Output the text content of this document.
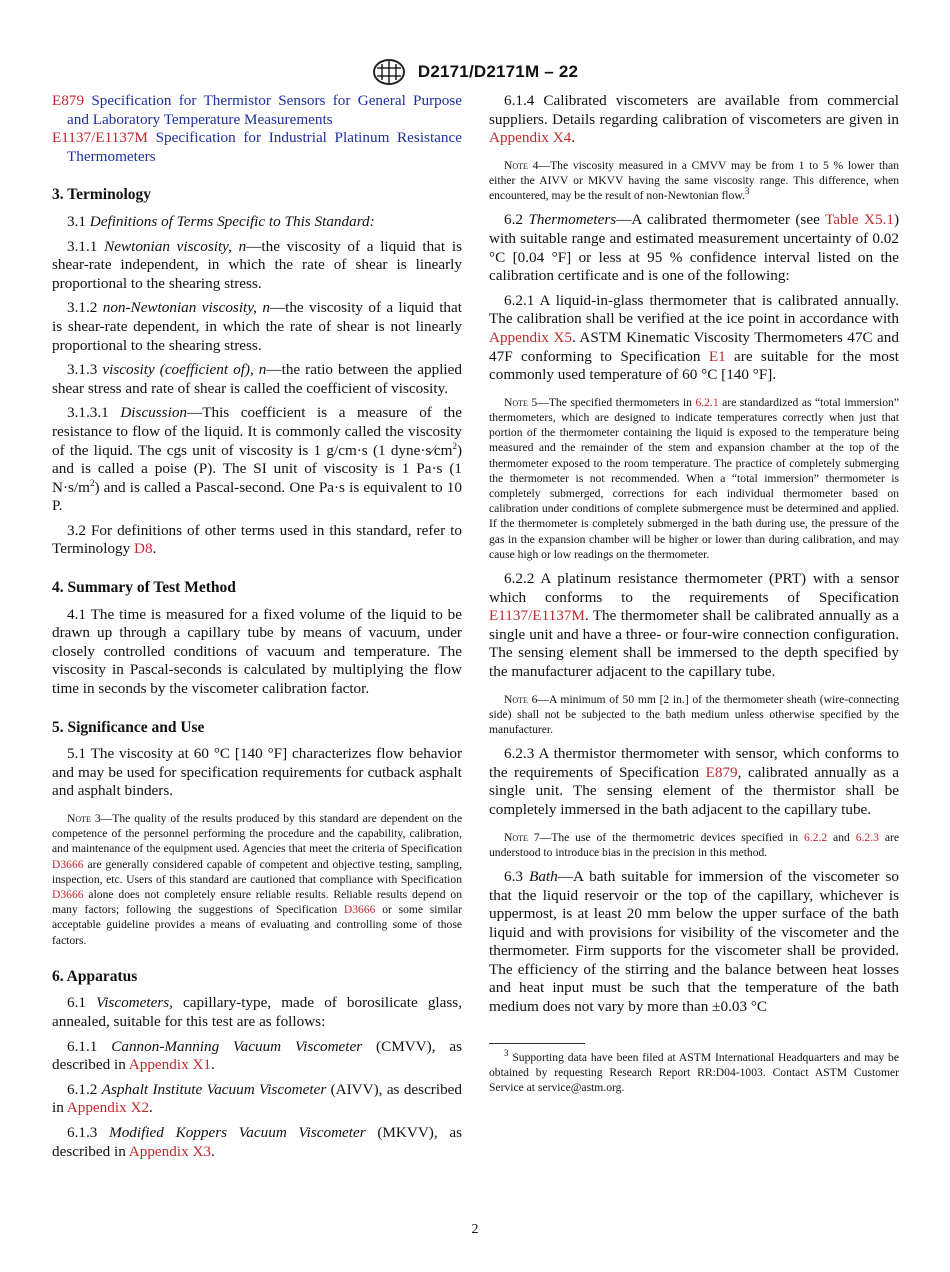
D2171/D2171M – 22

E879 Specification for Thermistor Sensors for General Purpose and Laboratory Temperature Measurements

E1137/E1137M Specification for Industrial Platinum Resistance Thermometers

3. Terminology

3.1 Definitions of Terms Specific to This Standard:

3.1.1 Newtonian viscosity, n—the viscosity of a liquid that is shear-rate independent, in which the rate of shear is linearly proportional to the shearing stress.

3.1.2 non-Newtonian viscosity, n—the viscosity of a liquid that is shear-rate dependent, in which the rate of shear is not linearly proportional to the shearing stress.

3.1.3 viscosity (coefficient of), n—the ratio between the applied shear stress and rate of shear is called the coefficient of viscosity.

3.1.3.1 Discussion—This coefficient is a measure of the resistance to flow of the liquid. It is commonly called the viscosity of the liquid. The cgs unit of viscosity is 1 g/cm·s (1 $dyne\cdot s⁄cm^2$) and is called a poise (P). The SI unit of viscosity is 1 Pa·s (1 $N\cdot s/m^2$) and is called a Pascal-second. One Pa·s is equivalent to 10 P.

3.2 For definitions of other terms used in this standard, refer to Terminology D8.

4. Summary of Test Method

4.1 The time is measured for a fixed volume of the liquid to be drawn up through a capillary tube by means of vacuum, under closely controlled conditions of vacuum and temperature. The viscosity in Pascal-seconds is calculated by multiplying the flow time in seconds by the viscometer calibration factor.

5. Significance and Use

5.1 The viscosity at 60 °C [140 °F] characterizes flow behavior and may be used for specification requirements for cutback asphalt and asphalt binders.

Note 3—The quality of the results produced by this standard are dependent on the competence of the personnel performing the procedure and the capability, calibration, and maintenance of the equipment used. Agencies that meet the criteria of Specification D3666 are generally considered capable of competent and objective testing, sampling, inspection, etc. Users of this standard are cautioned that compliance with Specification D3666 alone does not completely ensure reliable results. Reliable results depend on many factors; following the suggestions of Specification D3666 or some similar acceptable guideline provides a means of evaluating and controlling some of those factors.

6. Apparatus

6.1 Viscometers, capillary-type, made of borosilicate glass, annealed, suitable for this test are as follows:

6.1.1 Cannon-Manning Vacuum Viscometer (CMVV), as described in Appendix X1.

6.1.2 Asphalt Institute Vacuum Viscometer (AIVV), as described in Appendix X2.

6.1.3 Modified Koppers Vacuum Viscometer (MKVV), as described in Appendix X3.

6.1.4 Calibrated viscometers are available from commercial suppliers. Details regarding calibration of viscometers are given in Appendix X4.

Note 4—The viscosity measured in a CMVV may be from 1 to 5 % lower than either the AIVV or MKVV having the same viscosity range. This difference, when encountered, may be the result of non-Newtonian flow.$^3$

6.2 Thermometers—A calibrated thermometer (see Table X5.1) with suitable range and estimated measurement uncertainty of 0.02 °C [0.04 °F] or less at 95 % confidence interval listed on the calibration certificate and is one of the following:

6.2.1 A liquid-in-glass thermometer that is calibrated annually. The calibration shall be verified at the ice point in accordance with Appendix X5. ASTM Kinematic Viscosity Thermometers 47C and 47F conforming to Specification E1 are suitable for the most commonly used temperature of 60 °C [140 °F].

Note 5—The specified thermometers in 6.2.1 are standardized as “total immersion” thermometers, which are designed to indicate temperatures correctly when just that portion of the thermometer containing the liquid is exposed to the temperature being measured and the remainder of the stem and expansion chamber at the top of the thermometer exposed to the room temperature. The practice of completely submerging the thermometer is not recommended. When a “total immersion” thermometer is completely submerged, corrections for each individual thermometer based on calibration under conditions of complete submergence must be determined and applied. If the thermometer is completely submerged in the bath during use, the pressure of the gas in the expansion chamber will be higher or lower than during calibration, and may cause high or low readings on the thermometer.

6.2.2 A platinum resistance thermometer (PRT) with a sensor which conforms to the requirements of Specification E1137/E1137M. The thermometer shall be calibrated annually as a single unit and have a three- or four-wire connection configuration. The sensing element shall be immersed to the depth specified by the manufacturer adjacent to the capillary tube.

Note 6—A minimum of 50 mm [2 in.] of the thermometer sheath (wire-connecting side) shall not be subjected to the bath medium unless otherwise specified by the manufacturer.

6.2.3 A thermistor thermometer with sensor, which conforms to the requirements of Specification E879, calibrated annually as a single unit. The sensing element of the thermistor shall be completely immersed in the bath adjacent to the capillary tube.

Note 7—The use of the thermometric devices specified in 6.2.2 and 6.2.3 are understood to introduce bias in the precision in this method.

6.3 Bath—A bath suitable for immersion of the viscometer so that the liquid reservoir or the top of the capillary, whichever is uppermost, is at least 20 mm below the upper surface of the bath liquid and with provisions for visibility of the viscometer and the thermometer. Firm supports for the viscometer shall be provided. The efficiency of the stirring and the balance between heat losses and heat input must be such that the temperature of the bath medium does not vary by more than ±0.03 °C

$^3$ Supporting data have been filed at ASTM International Headquarters and may be obtained by requesting Research Report RR:D04-1003. Contact ASTM Customer Service at service@astm.org.

2
